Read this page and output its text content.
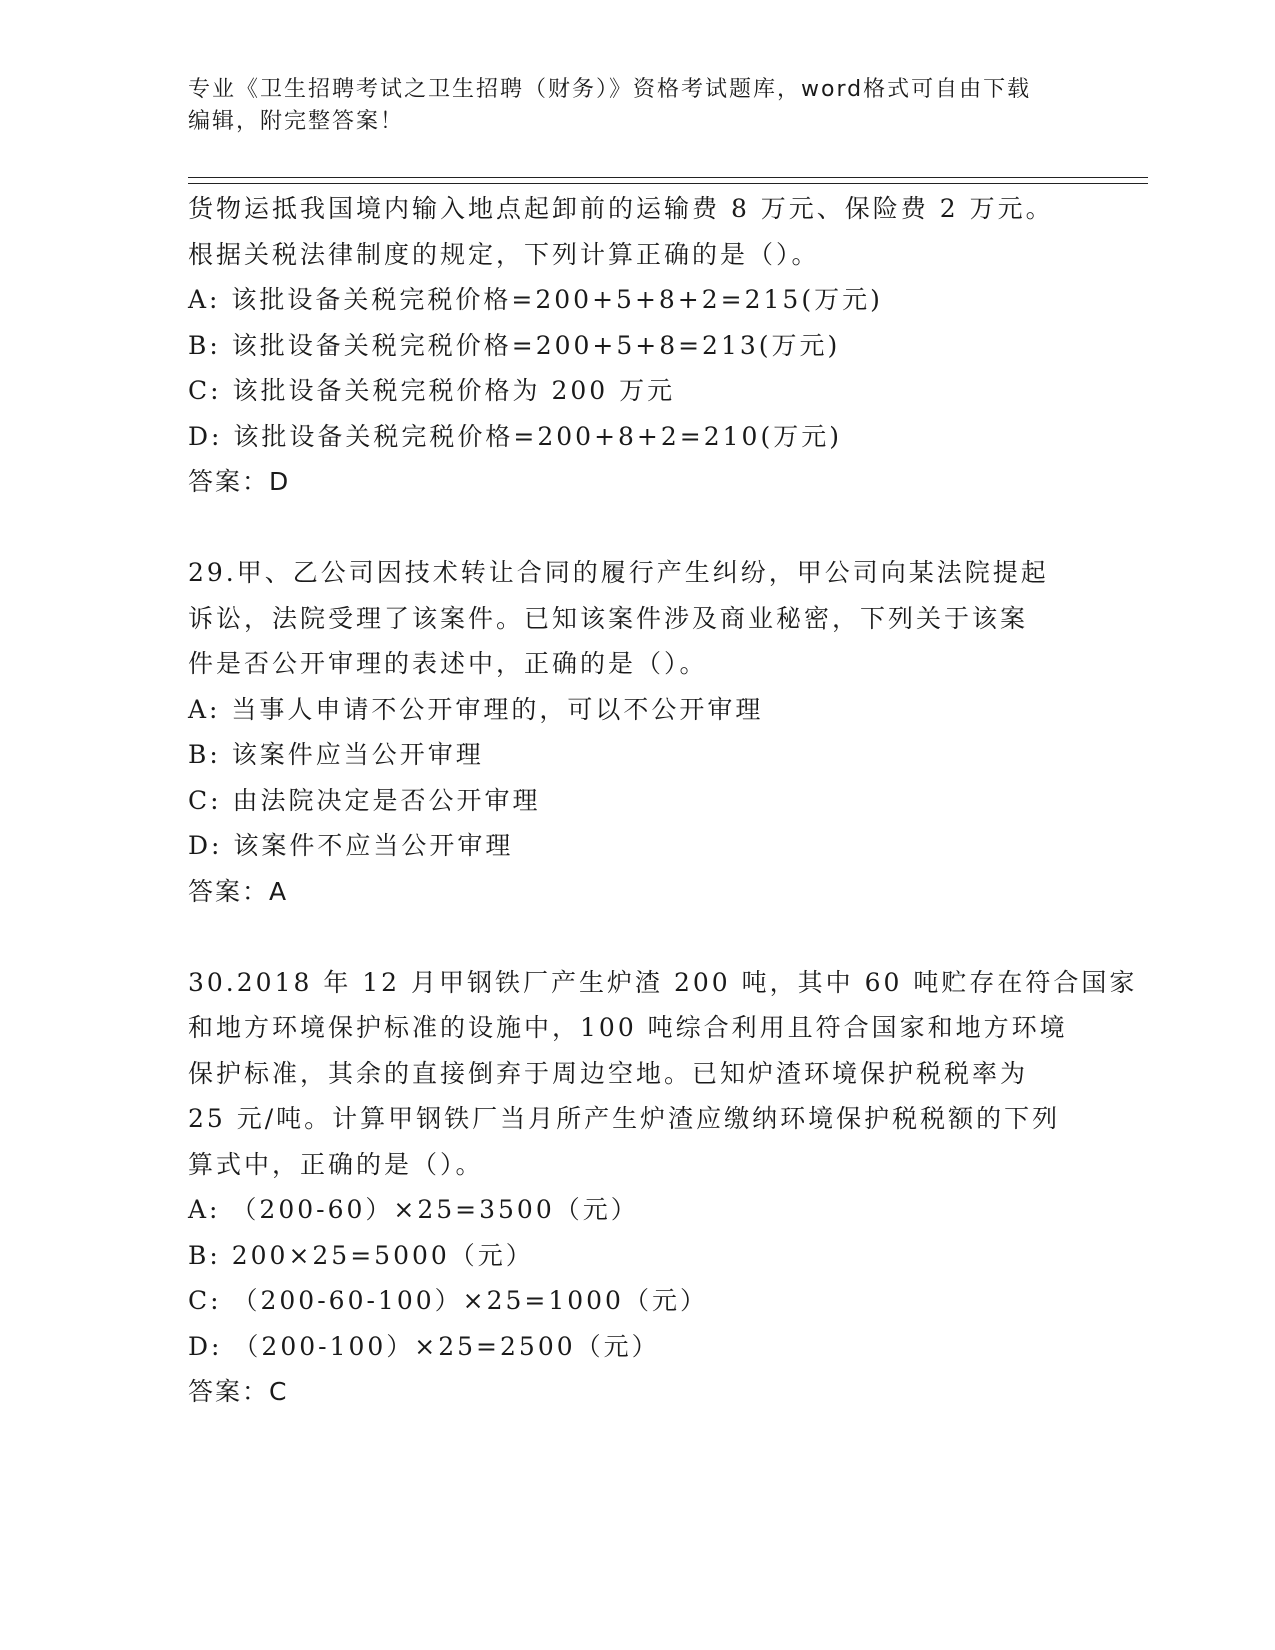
专业《卫生招聘考试之卫生招聘（财务）》资格考试题库，word格式可自由下载
编辑，附完整答案！
货物运抵我国境内输入地点起卸前的运输费 8 万元、保险费 2 万元。
根据关税法律制度的规定，下列计算正确的是（）。
A: 该批设备关税完税价格=200+5+8+2=215(万元)
B: 该批设备关税完税价格=200+5+8=213(万元)
C: 该批设备关税完税价格为 200 万元
D: 该批设备关税完税价格=200+8+2=210(万元)
答案：D
29.甲、乙公司因技术转让合同的履行产生纠纷，甲公司向某法院提起
诉讼，法院受理了该案件。已知该案件涉及商业秘密，下列关于该案
件是否公开审理的表述中，正确的是（）。
A: 当事人申请不公开审理的，可以不公开审理
B: 该案件应当公开审理
C: 由法院决定是否公开审理
D: 该案件不应当公开审理
答案：A
30.2018 年 12 月甲钢铁厂产生炉渣 200 吨，其中 60 吨贮存在符合国家
和地方环境保护标准的设施中，100 吨综合利用且符合国家和地方环境
保护标准，其余的直接倒弃于周边空地。已知炉渣环境保护税税率为
25 元/吨。计算甲钢铁厂当月所产生炉渣应缴纳环境保护税税额的下列
算式中，正确的是（）。
A: （200-60）×25=3500（元）
B: 200×25=5000（元）
C: （200-60-100）×25=1000（元）
D: （200-100）×25=2500（元）
答案：C
